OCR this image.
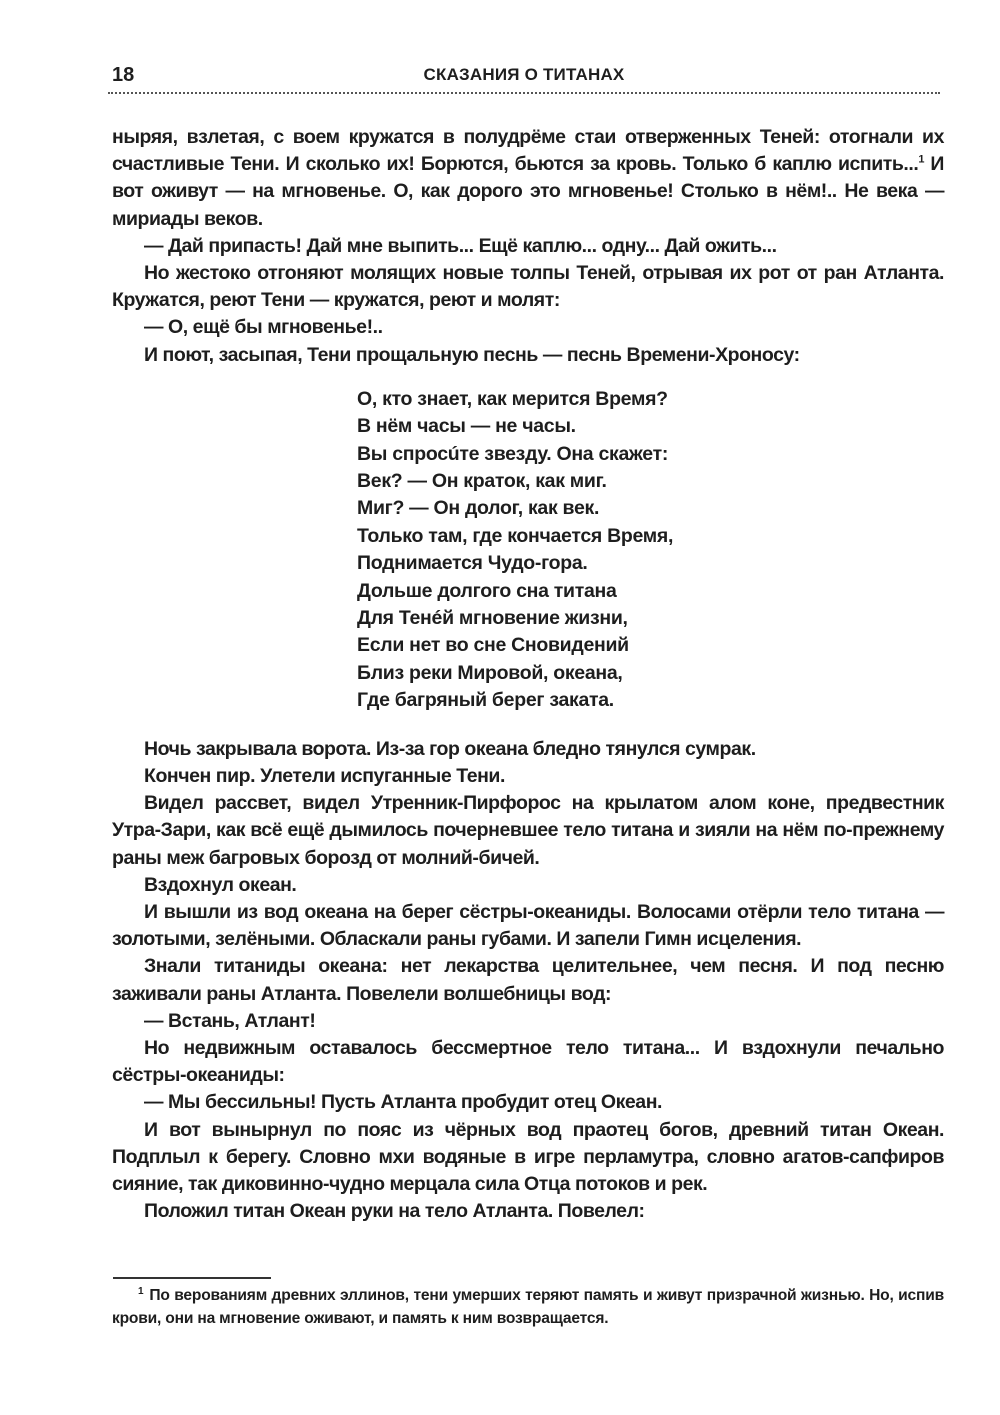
18	СКАЗАНИЯ О ТИТАНАХ

ныряя, взлетая, с воем кружатся в полудрёме стаи отверженных Теней: отогнали их счастливые Тени. И сколько их! Борются, бьются за кровь. Только б каплю испить...$^1$ И вот оживут — на мгновенье. О, как дорого это мгновенье! Столько в нём!.. Не века — мириады веков.

— Дай припасть! Дай мне выпить... Ещё каплю... одну... Дай ожить...

Но жестоко отгоняют молящих новые толпы Теней, отрывая их рот от ран Атланта. Кружатся, реют Тени — кружатся, реют и молят:

— О, ещё бы мгновенье!..

И поют, засыпая, Тени прощальную песнь — песнь Времени-Хроносу:

О, кто знает, как мерится Время?
В нём часы — не часы.
Вы спросúте звезду. Она скажет:
Век? — Он краток, как миг.
Миг? — Он долог, как век.
Только там, где кончается Время,
Поднимается Чудо-гора.
Дольше долгого сна титана
Для Тенéй мгновение жизни,
Если нет во сне Сновидений
Близ реки Мировой, океана,
Где багряный берег заката.

Ночь закрывала ворота. Из-за гор океана бледно тянулся сумрак.

Кончен пир. Улетели испуганные Тени.

Видел рассвет, видел Утренник-Пирфорос на крылатом алом коне, предвестник Утра-Зари, как всё ещё дымилось почерневшее тело титана и зияли на нём по-прежнему раны меж багровых борозд от молний-бичей.

Вздохнул океан.

И вышли из вод океана на берег сёстры-океаниды. Волосами отёрли тело титана — золотыми, зелёными. Обласкали раны губами. И запели Гимн исцеления.

Знали титаниды океана: нет лекарства целительнее, чем песня. И под песню заживали раны Атланта. Повелели волшебницы вод:

— Встань, Атлант!

Но недвижным оставалось бессмертное тело титана... И вздохнули печально сёстры-океаниды:

— Мы бессильны! Пусть Атланта пробудит отец Океан.

И вот вынырнул по пояс из чёрных вод праотец богов, древний титан Океан. Подплыл к берегу. Словно мхи водяные в игре перламутра, словно агатов-сапфиров сияние, так диковинно-чудно мерцала сила Отца потоков и рек.

Положил титан Океан руки на тело Атланта. Повелел:

$^1$ По верованиям древних эллинов, тени умерших теряют память и живут призрачной жизнью. Но, испив крови, они на мгновение оживают, и память к ним возвращается.
